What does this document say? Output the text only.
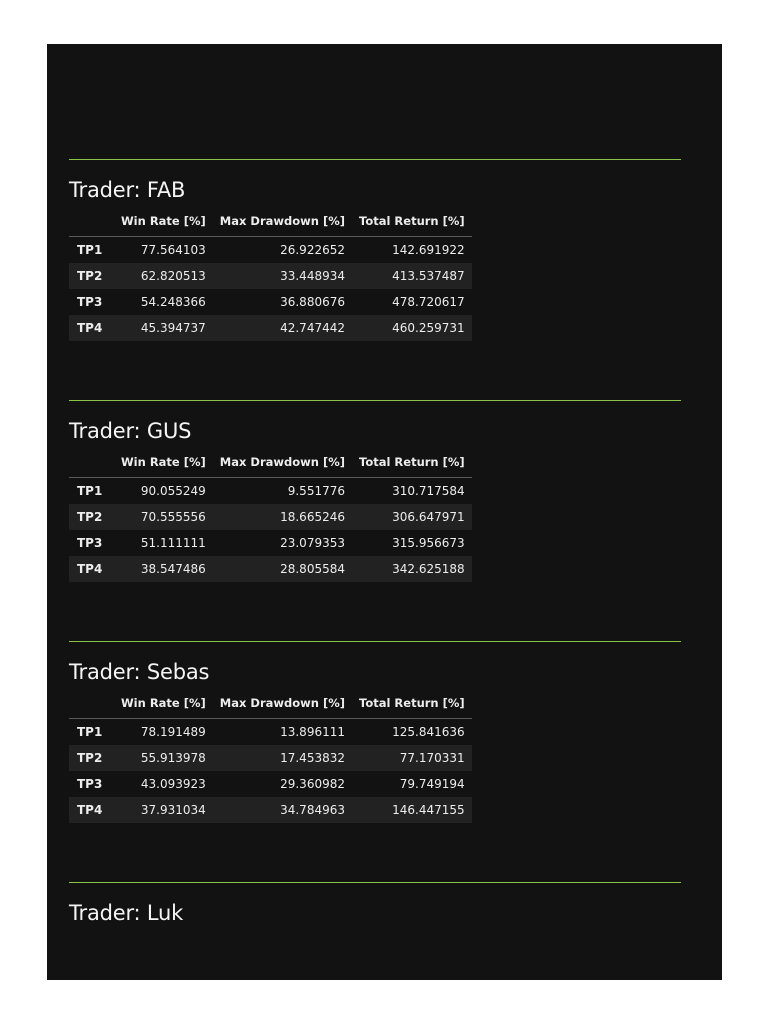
Trader: FAB
	Win Rate [%]	Max Drawdown [%]	Total Return [%]
TP1	77.564103	26.922652	142.691922
TP2	62.820513	33.448934	413.537487
TP3	54.248366	36.880676	478.720617
TP4	45.394737	42.747442	460.259731
Trader: GUS
	Win Rate [%]	Max Drawdown [%]	Total Return [%]
TP1	90.055249	9.551776	310.717584
TP2	70.555556	18.665246	306.647971
TP3	51.111111	23.079353	315.956673
TP4	38.547486	28.805584	342.625188
Trader: Sebas
	Win Rate [%]	Max Drawdown [%]	Total Return [%]
TP1	78.191489	13.896111	125.841636
TP2	55.913978	17.453832	77.170331
TP3	43.093923	29.360982	79.749194
TP4	37.931034	34.784963	146.447155
Trader: Luk
